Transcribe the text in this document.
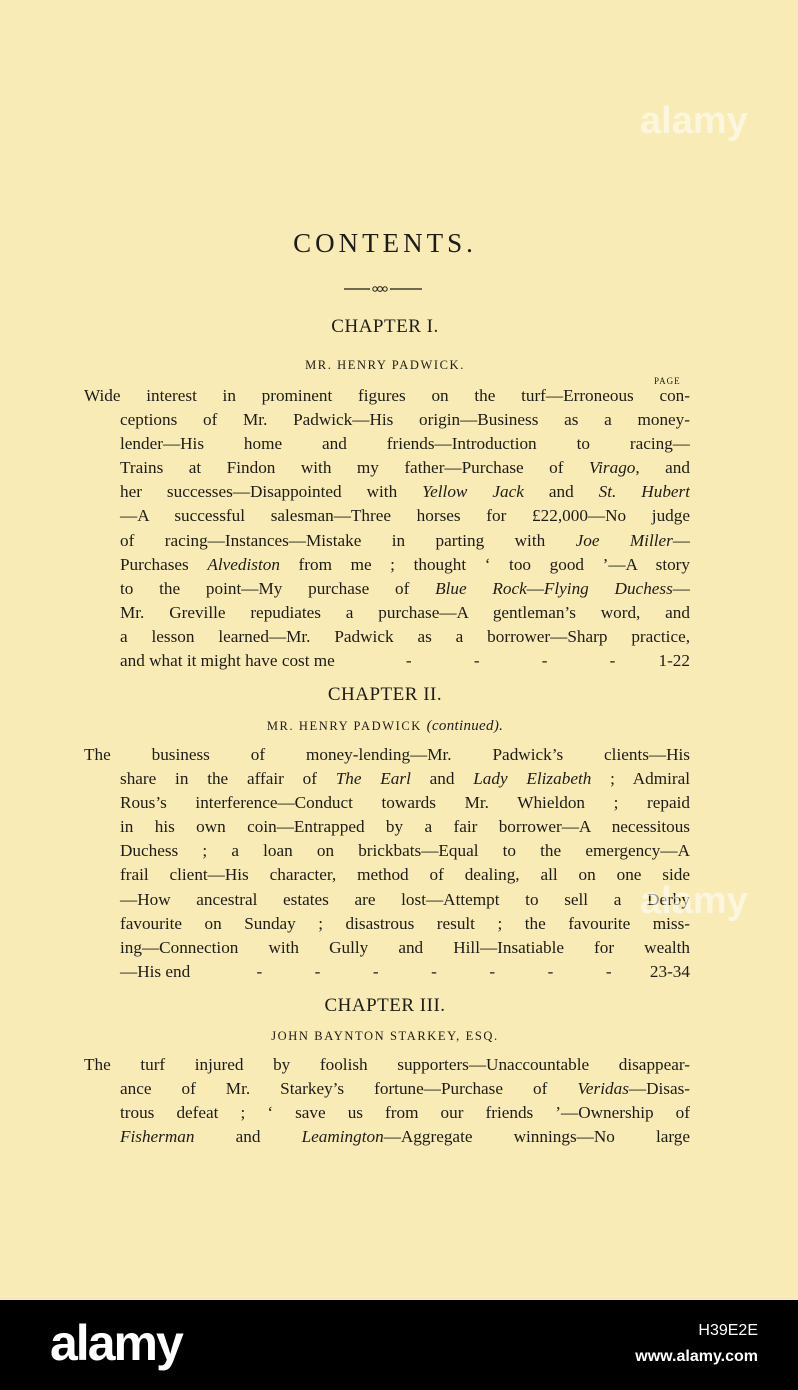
CONTENTS.
CHAPTER I.
MR. HENRY PADWICK.
PAGE
Wide interest in prominent figures on the turf—Erroneous con-
ceptions of Mr. Padwick—His origin—Business as a money-
lender—His home and friends—Introduction to racing—
Trains at Findon with my father—Purchase of Virago, and
her successes—Disappointed with Yellow Jack and St. Hubert
—A successful salesman—Three horses for £22,000—No judge
of racing—Instances—Mistake in parting with Joe Miller—
Purchases Alvediston from me ; thought ‘ too good ’—A story
to the point—My purchase of Blue Rock—Flying Duchess—
Mr. Greville repudiates a purchase—A gentleman’s word, and
a lesson learned—Mr. Padwick as a borrower—Sharp practice,
and what it might have cost me	-	-	-	-	1-22
CHAPTER II.
MR. HENRY PADWICK (continued).
The business of money-lending—Mr. Padwick’s clients—His
share in the affair of The Earl and Lady Elizabeth ; Admiral
Rous’s interference—Conduct towards Mr. Whieldon ; repaid
in his own coin—Entrapped by a fair borrower—A necessitous
Duchess ; a loan on brickbats—Equal to the emergency—A
frail client—His character, method of dealing, all on one side
—How ancestral estates are lost—Attempt to sell a Derby
favourite on Sunday ; disastrous result ; the favourite miss-
ing—Connection with Gully and Hill—Insatiable for wealth
—His end	-	-	-	-	-	-	- 23-34
CHAPTER III.
JOHN BAYNTON STARKEY, ESQ.
The turf injured by foolish supporters—Unaccountable disappear-
ance of Mr. Starkey’s fortune—Purchase of Veridas—Disas-
trous defeat ; ‘ save us from our friends ’—Ownership of
Fisherman and Leamington—Aggregate winnings—No large
alamy
alamy
alamy	H39E2E
www.alamy.com
